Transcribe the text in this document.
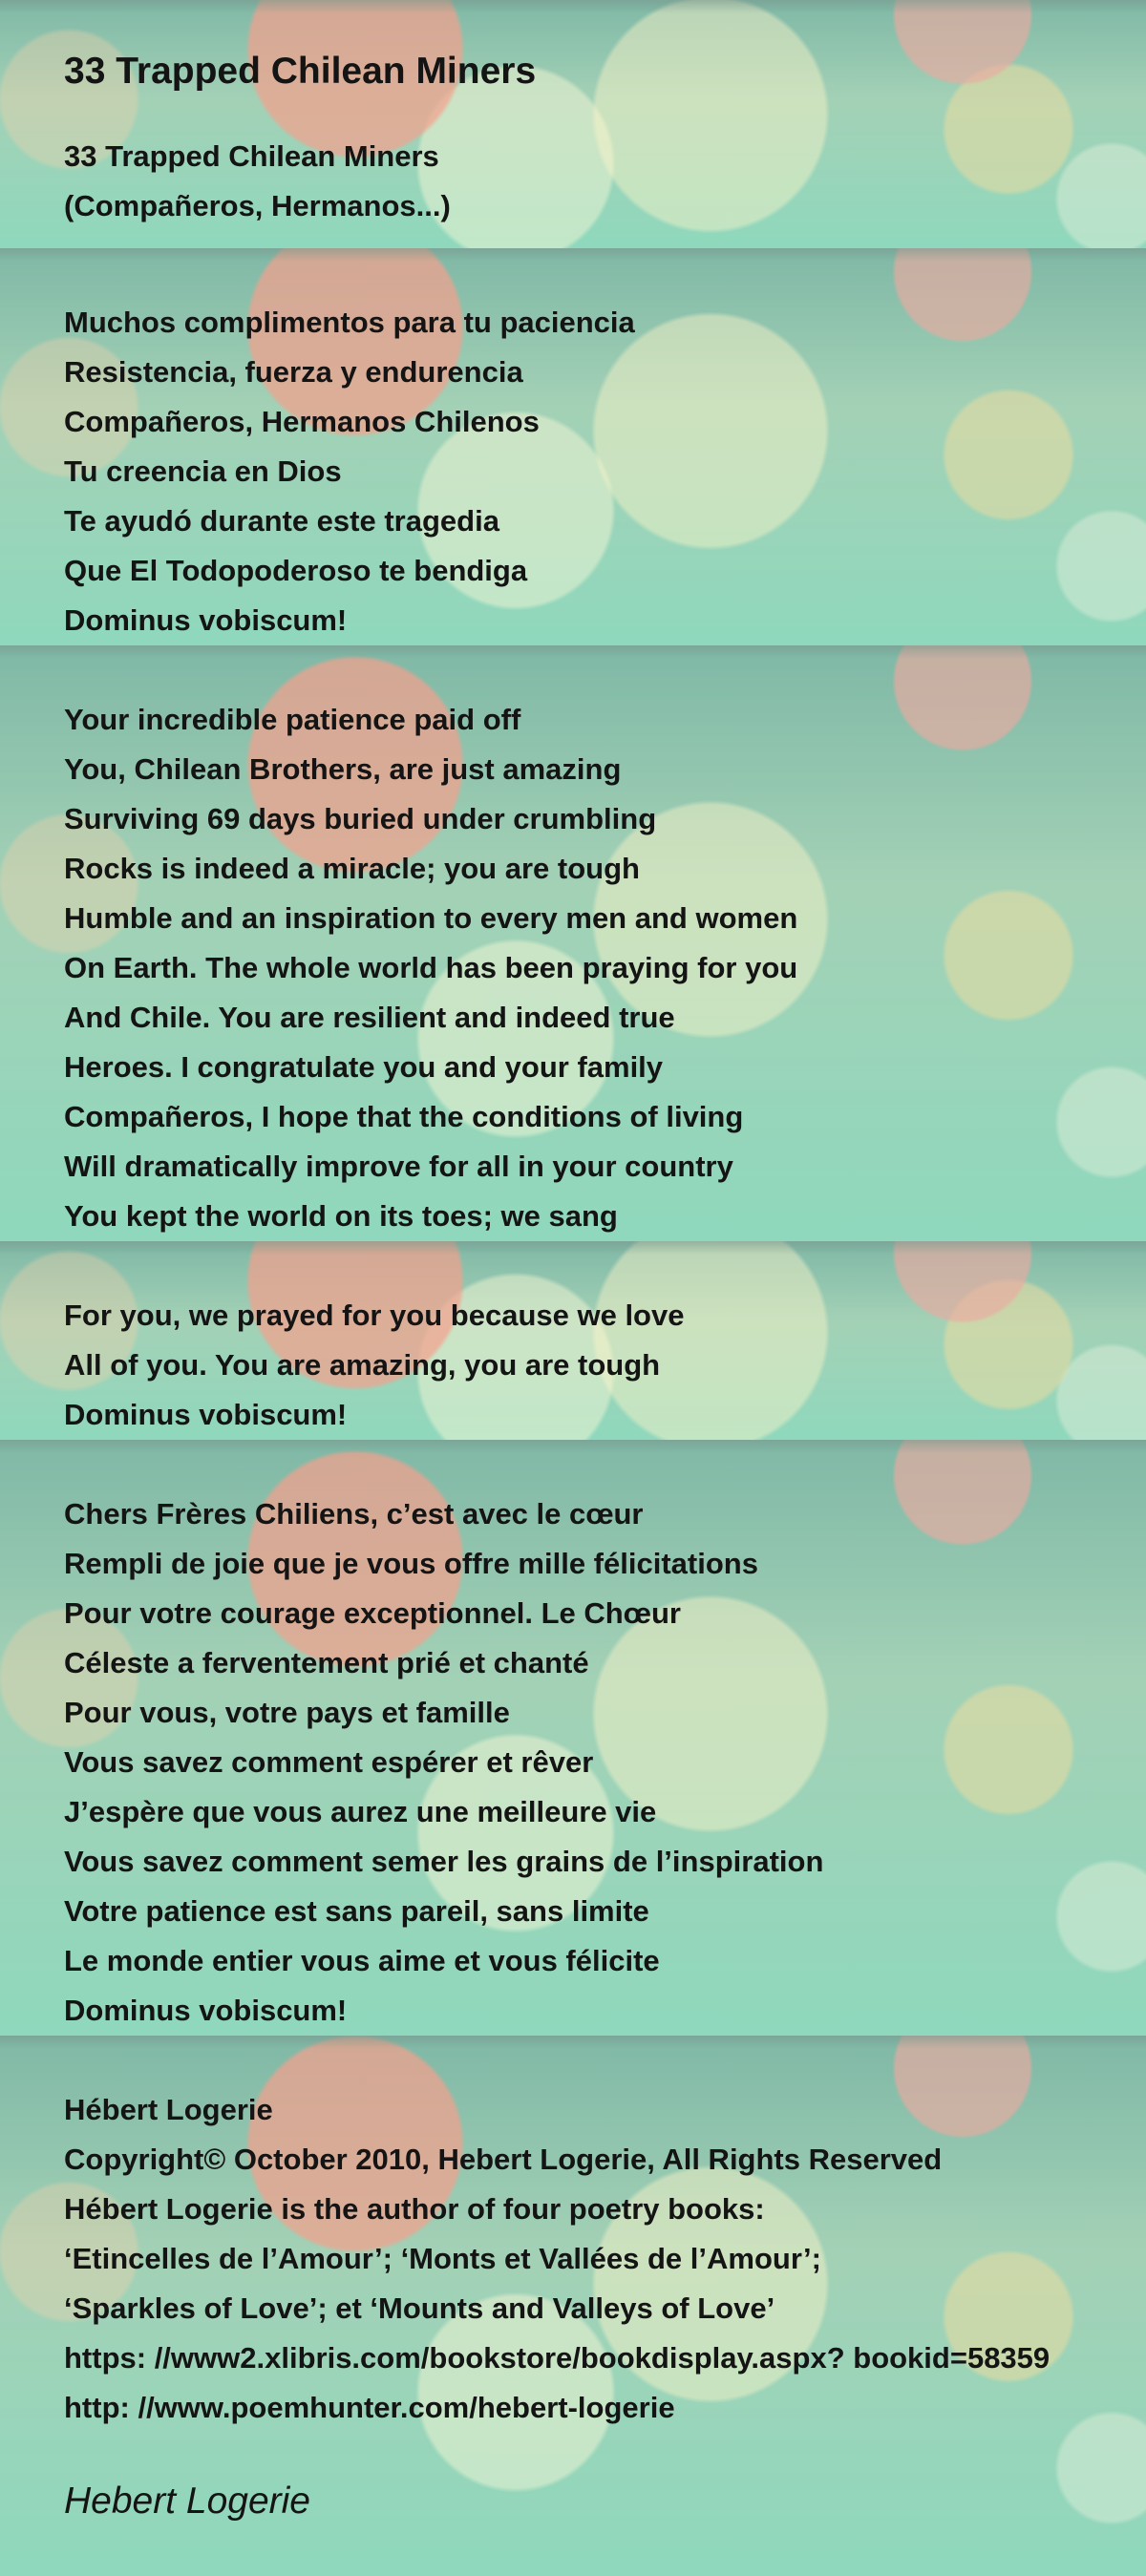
33 Trapped Chilean Miners
33 Trapped Chilean Miners
(Compañeros, Hermanos...)
Muchos complimentos para tu paciencia
Resistencia, fuerza y endurencia
Compañeros, Hermanos Chilenos
Tu creencia en Dios
Te ayudó durante este tragedia
Que El Todopoderoso te bendiga
Dominus vobiscum!
Your incredible patience paid off
You, Chilean Brothers, are just amazing
Surviving 69 days buried under crumbling
Rocks is indeed a miracle; you are tough
Humble and an inspiration to every men and women
On Earth. The whole world has been praying for you
And Chile. You are resilient and indeed true
Heroes. I congratulate you and your family
Compañeros, I hope that the conditions of living
Will dramatically improve for all in your country
You kept the world on its toes; we sang
For you, we prayed for you because we love
All of you. You are amazing, you are tough
Dominus vobiscum!
Chers Frères Chiliens, c’est avec le cœur
Rempli de joie que je vous offre mille félicitations
Pour votre courage exceptionnel. Le Chœur
Céleste a ferventement prié et chanté
Pour vous, votre pays et famille
Vous savez comment espérer et rêver
J’espère que vous aurez une meilleure vie
Vous savez comment semer les grains de l’inspiration
Votre patience est sans pareil, sans limite
Le monde entier vous aime et vous félicite
Dominus vobiscum!
Hébert Logerie
Copyright© October 2010, Hebert Logerie, All Rights Reserved
Hébert Logerie is the author of four poetry books:
‘Etincelles de l’Amour’; ‘Monts et Vallées de l’Amour’;
‘Sparkles of Love’; et ‘Mounts and Valleys of Love’
https: //www2.xlibris.com/bookstore/bookdisplay.aspx? bookid=58359
http: //www.poemhunter.com/hebert-logerie
Hebert Logerie
